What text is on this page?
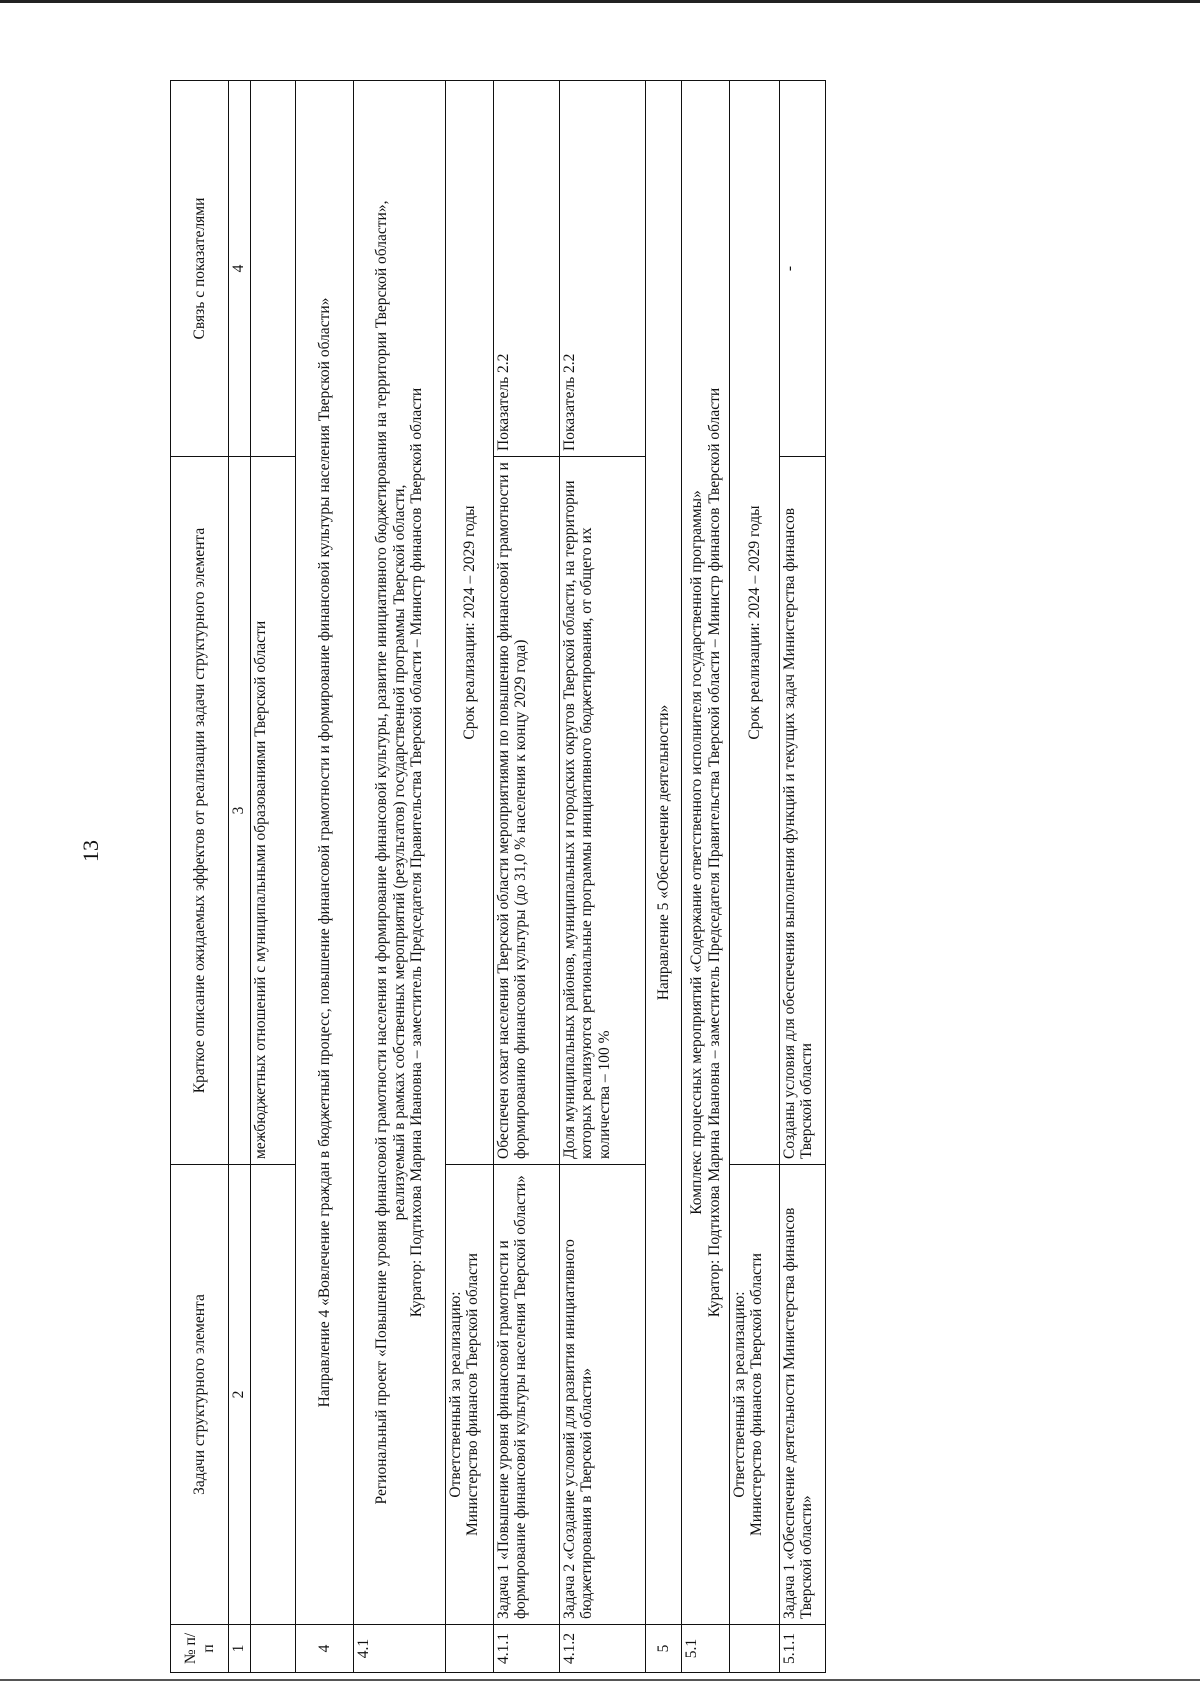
13
№ п/п	Задачи структурного элемента	Краткое описание ожидаемых эффектов от реализации задачи структурного элемента	Связь с показателями
1	2	3	4
		межбюджетных отношений с муниципальными образованиями Тверской области	
4	Направление 4 «Вовлечение граждан в бюджетный процесс, повышение финансовой грамотности и формирование финансовой культуры населения Тверской области»		
4.1	Региональный проект «Повышение уровня финансовой грамотности населения и формирование финансовой культуры, развитие инициативного бюджетирования на территории Тверской области», реализуемый в рамках собственных мероприятий (результатов) государственной программы Тверской области, Куратор: Подтихова Марина Ивановна – заместитель Председателя Правительства Тверской области – Министр финансов Тверской области		

	Ответственный за реализацию: Министерство финансов Тверской области	Срок реализации: 2024 – 2029 годы	
4.1.1	Задача 1 «Повышение уровня финансовой грамотности и формирование финансовой культуры населения Тверской области»	Обеспечен охват населения Тверской области мероприятиями по повышению финансовой грамотности и формированию финансовой культуры (до 31,0 % населения к концу 2029 года)	Показатель 2.2
4.1.2	Задача 2 «Создание условий для развития инициативного бюджетирования в Тверской области»	Доля муниципальных районов, муниципальных и городских округов Тверской области, на территории которых реализуются региональные программы инициативного бюджетирования, от общего их количества – 100 %	Показатель 2.2
5	Направление 5 «Обеспечение деятельности»		
5.1	Комплекс процессных мероприятий «Содержание ответственного исполнителя государственной программы» Куратор: Подтихова Марина Ивановна – заместитель Председателя Правительства Тверской области – Министр финансов Тверской области		

	Ответственный за реализацию: Министерство финансов Тверской области	Срок реализации: 2024 – 2029 годы	
5.1.1	Задача 1 «Обеспечение деятельности Министерства финансов Тверской области»	Созданы условия для обеспечения выполнения функций и текущих задач Министерства финансов Тверской области	-
